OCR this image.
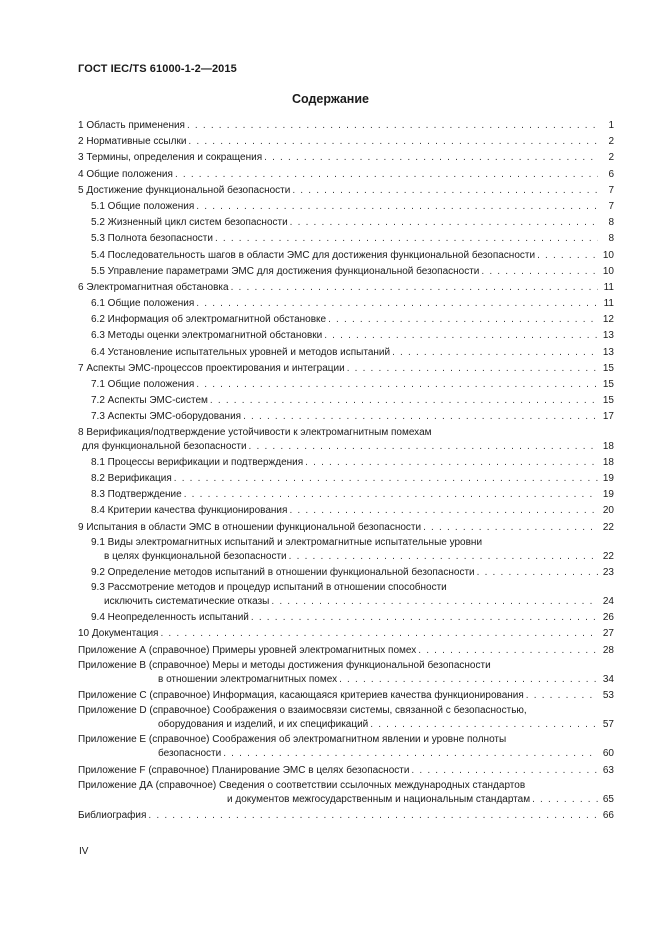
ГОСТ IEC/TS 61000-1-2—2015
Содержание
1 Область применения . . .	1
2 Нормативные ссылки . . .	2
3 Термины, определения и сокращения . . .	2
4 Общие положения . . .	6
5 Достижение функциональной безопасности . . .	7
5.1 Общие положения . . .	7
5.2 Жизненный цикл систем безопасности . . .	8
5.3 Полнота безопасности . . .	8
5.4 Последовательность шагов в области ЭМС для достижения функциональной безопасности . . .	10
5.5 Управление параметрами ЭМС для достижения функциональной безопасности . . .	10
6 Электромагнитная обстановка . . .	11
6.1 Общие положения . . .	11
6.2 Информация об электромагнитной обстановке . . .	12
6.3 Методы оценки электромагнитной обстановки . . .	13
6.4 Установление испытательных уровней и методов испытаний . . .	13
7 Аспекты ЭМС-процессов проектирования и интеграции . . .	15
7.1 Общие положения . . .	15
7.2 Аспекты ЭМС-систем . . .	15
7.3 Аспекты ЭМС-оборудования . . .	17
8 Верификация/подтверждение устойчивости к электромагнитным помехам
для функциональной безопасности . . .	18
8.1 Процессы верификации и подтверждения . . .	18
8.2 Верификация . . .	19
8.3 Подтверждение . . .	19
8.4 Критерии качества функционирования . . .	20
9 Испытания в области ЭМС в отношении функциональной безопасности . . .	22
9.1 Виды электромагнитных испытаний и электромагнитные испытательные уровни
в целях функциональной безопасности . . .	22
9.2 Определение методов испытаний в отношении функциональной безопасности . . .	23
9.3 Рассмотрение методов и процедур испытаний в отношении способности
исключить систематические отказы . . .	24
9.4 Неопределенность испытаний . . .	26
10 Документация . . .	27
Приложение А (справочное) Примеры уровней электромагнитных помех . . .	28
Приложение В (справочное) Меры и методы достижения функциональной безопасности
в отношении электромагнитных помех . . .	34
Приложение С (справочное) Информация, касающаяся критериев качества функционирования . . .	53
Приложение D (справочное) Соображения о взаимосвязи системы, связанной с безопасностью,
оборудования и изделий, и их спецификаций . . .	57
Приложение Е (справочное) Соображения об электромагнитном явлении и уровне полноты
безопасности . . .	60
Приложение F (справочное) Планирование ЭМС в целях безопасности . . .	63
Приложение ДА (справочное) Сведения о соответствии ссылочных международных стандартов
и документов межгосударственным и национальным стандартам . . .	65
Библиография . . .	66
IV
